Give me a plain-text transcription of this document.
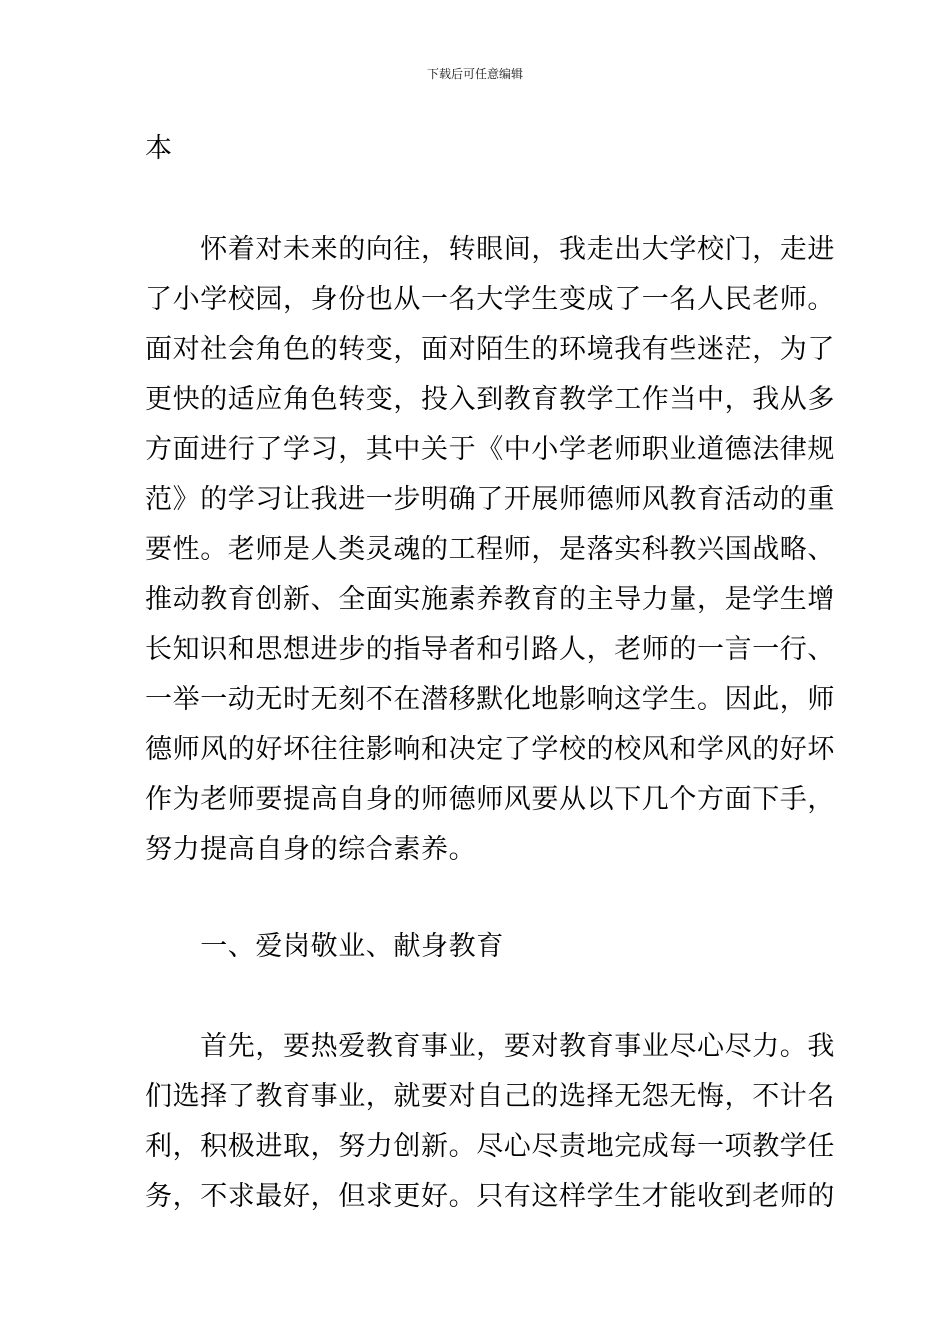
下载后可任意编辑
本
　　怀着对未来的向往，转眼间，我走出大学校门，走进
了小学校园，身份也从一名大学生变成了一名人民老师。
面对社会角色的转变，面对陌生的环境我有些迷茫，为了
更快的适应角色转变，投入到教育教学工作当中，我从多
方面进行了学习，其中关于《中小学老师职业道德法律规
范》的学习让我进一步明确了开展师德师风教育活动的重
要性。老师是人类灵魂的工程师，是落实科教兴国战略、
推动教育创新、全面实施素养教育的主导力量，是学生增
长知识和思想进步的指导者和引路人，老师的一言一行、
一举一动无时无刻不在潜移默化地影响这学生。因此，师
德师风的好坏往往影响和决定了学校的校风和学风的好坏
作为老师要提高自身的师德师风要从以下几个方面下手，
努力提高自身的综合素养。
　　一、爱岗敬业、献身教育
　　首先，要热爱教育事业，要对教育事业尽心尽力。我
们选择了教育事业，就要对自己的选择无怨无悔，不计名
利，积极进取，努力创新。尽心尽责地完成每一项教学任
务，不求最好，但求更好。只有这样学生才能收到老师的
